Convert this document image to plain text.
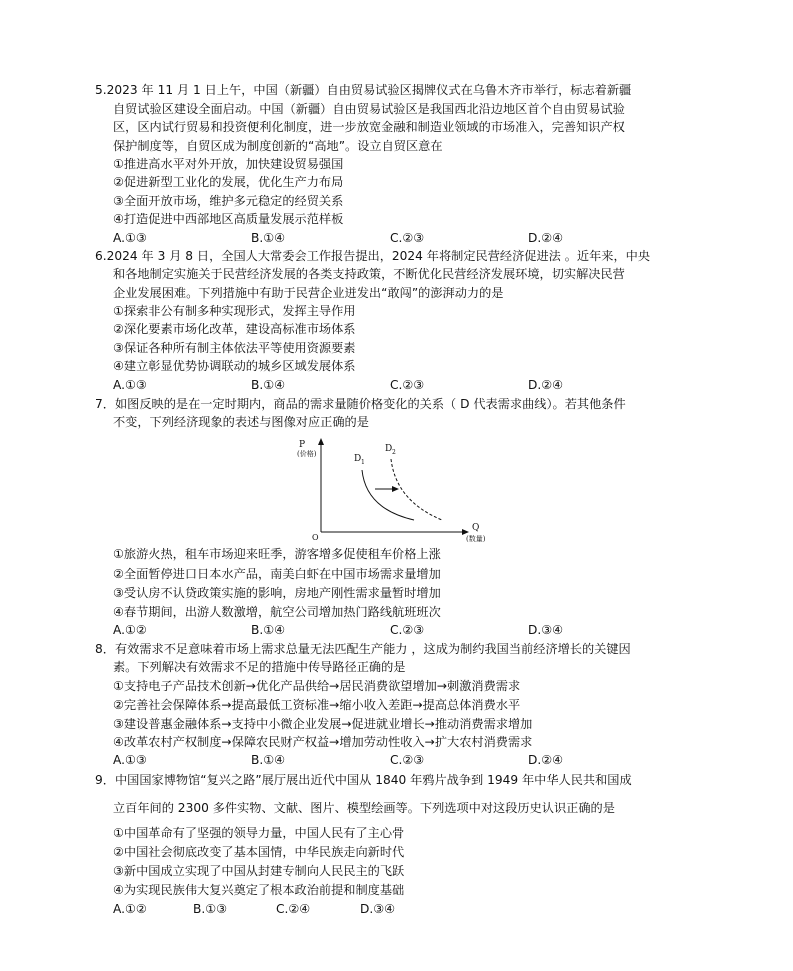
5.2023 年 11 月 1 日上午，中国（新疆）自由贸易试验区揭牌仪式在乌鲁木齐市举行，标志着新疆
自贸试验区建设全面启动。中国（新疆）自由贸易试验区是我国西北沿边地区首个自由贸易试验
区，区内试行贸易和投资便利化制度，进一步放宽金融和制造业领域的市场准入，完善知识产权
保护制度等，自贸区成为制度创新的“高地”。设立自贸区意在
①推进高水平对外开放，加快建设贸易强国
②促进新型工业化的发展，优化生产力布局
③全面开放市场，维护多元稳定的经贸关系
④打造促进中西部地区高质量发展示范样板
A.①③	B.①④	C.②③	D.②④
6.2024 年 3 月 8 日，全国人大常委会工作报告提出，2024 年将制定民营经济促进法 。近年来，中央
和各地制定实施关于民营经济发展的各类支持政策，不断优化民营经济发展环境，切实解决民营
企业发展困难。下列措施中有助于民营企业迸发出“敢闯”的澎湃动力的是
①探索非公有制多种实现形式，发挥主导作用
②深化要素市场化改革，建设高标准市场体系
③保证各种所有制主体依法平等使用资源要素
④建立彰显优势协调联动的城乡区域发展体系
A.①③	B.①④	C.②③	D.②④
7．如图反映的是在一定时期内，商品的需求量随价格变化的关系（ D 代表需求曲线）。若其他条件
不变，下列经济现象的表述与图像对应正确的是
P
(价格)
O
Q
(数量)
D 1
D 2
①旅游火热，租车市场迎来旺季，游客增多促使租车价格上涨
②全面暂停进口日本水产品，南美白虾在中国市场需求量增加
③受认房不认贷政策实施的影响，房地产刚性需求量暂时增加
④春节期间，出游人数激增，航空公司增加热门路线航班班次
A.①②	B.①④	C.②③	D.③④
8．有效需求不足意味着市场上需求总量无法匹配生产能力 ，这成为制约我国当前经济增长的关键因
素。下列解决有效需求不足的措施中传导路径正确的是
①支持电子产品技术创新→优化产品供给→居民消费欲望增加→刺激消费需求
②完善社会保障体系→提高最低工资标准→缩小收入差距→提高总体消费水平
③建设普惠金融体系→支持中小微企业发展→促进就业增长→推动消费需求增加
④改革农村产权制度→保障农民财产权益→增加劳动性收入→扩大农村消费需求
A.①③	B.①④	C.②③	D.②④
9．中国国家博物馆“复兴之路”展厅展出近代中国从 1840 年鸦片战争到 1949 年中华人民共和国成
立百年间的 2300 多件实物、文献、图片、模型绘画等。下列选项中对这段历史认识正确的是
①中国革命有了坚强的领导力量，中国人民有了主心骨
②中国社会彻底改变了基本国情，中华民族走向新时代
③新中国成立实现了中国从封建专制向人民民主的飞跃
④为实现民族伟大复兴奠定了根本政治前提和制度基础
A.①②	B.①③	C.②④	D.③④
